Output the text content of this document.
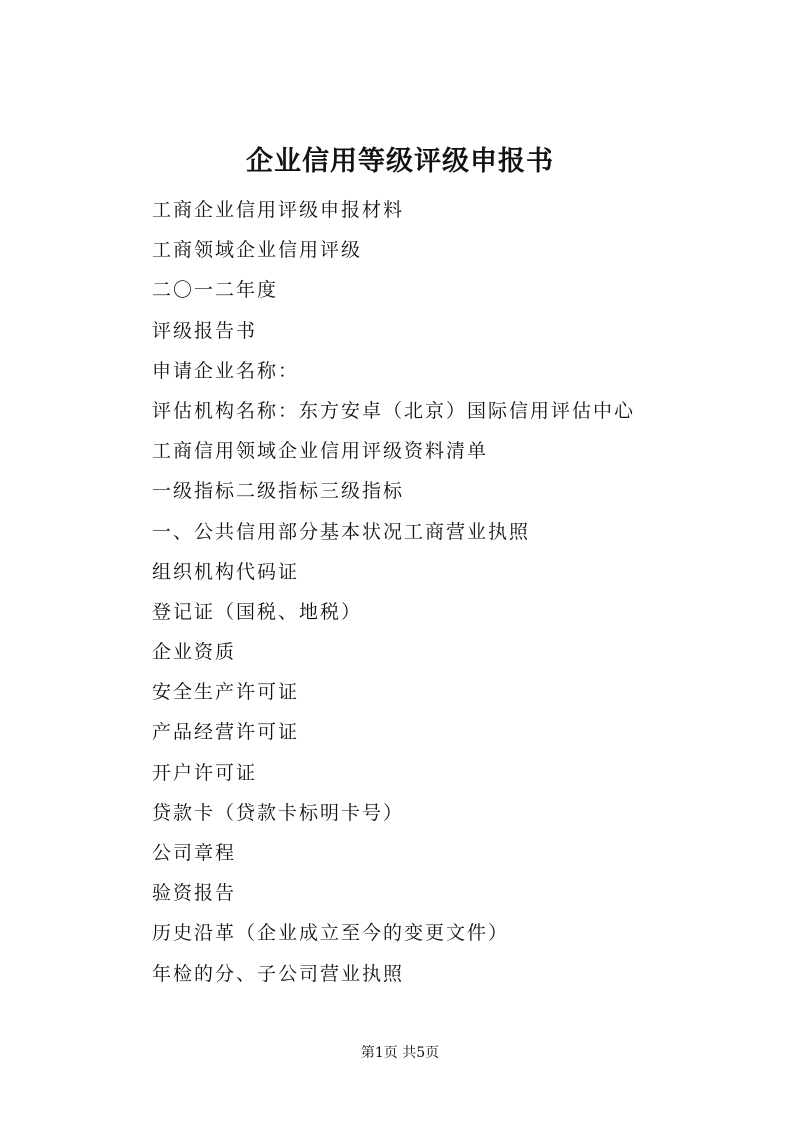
企业信用等级评级申报书
工商企业信用评级申报材料
工商领域企业信用评级
二〇一二年度
评级报告书
申请企业名称：
评估机构名称：东方安卓（北京）国际信用评估中心
工商信用领域企业信用评级资料清单
一级指标二级指标三级指标
一、公共信用部分基本状况工商营业执照
组织机构代码证
登记证（国税、地税）
企业资质
安全生产许可证
产品经营许可证
开户许可证
贷款卡（贷款卡标明卡号）
公司章程
验资报告
历史沿革（企业成立至今的变更文件）
年检的分、子公司营业执照
第1页 共5页
